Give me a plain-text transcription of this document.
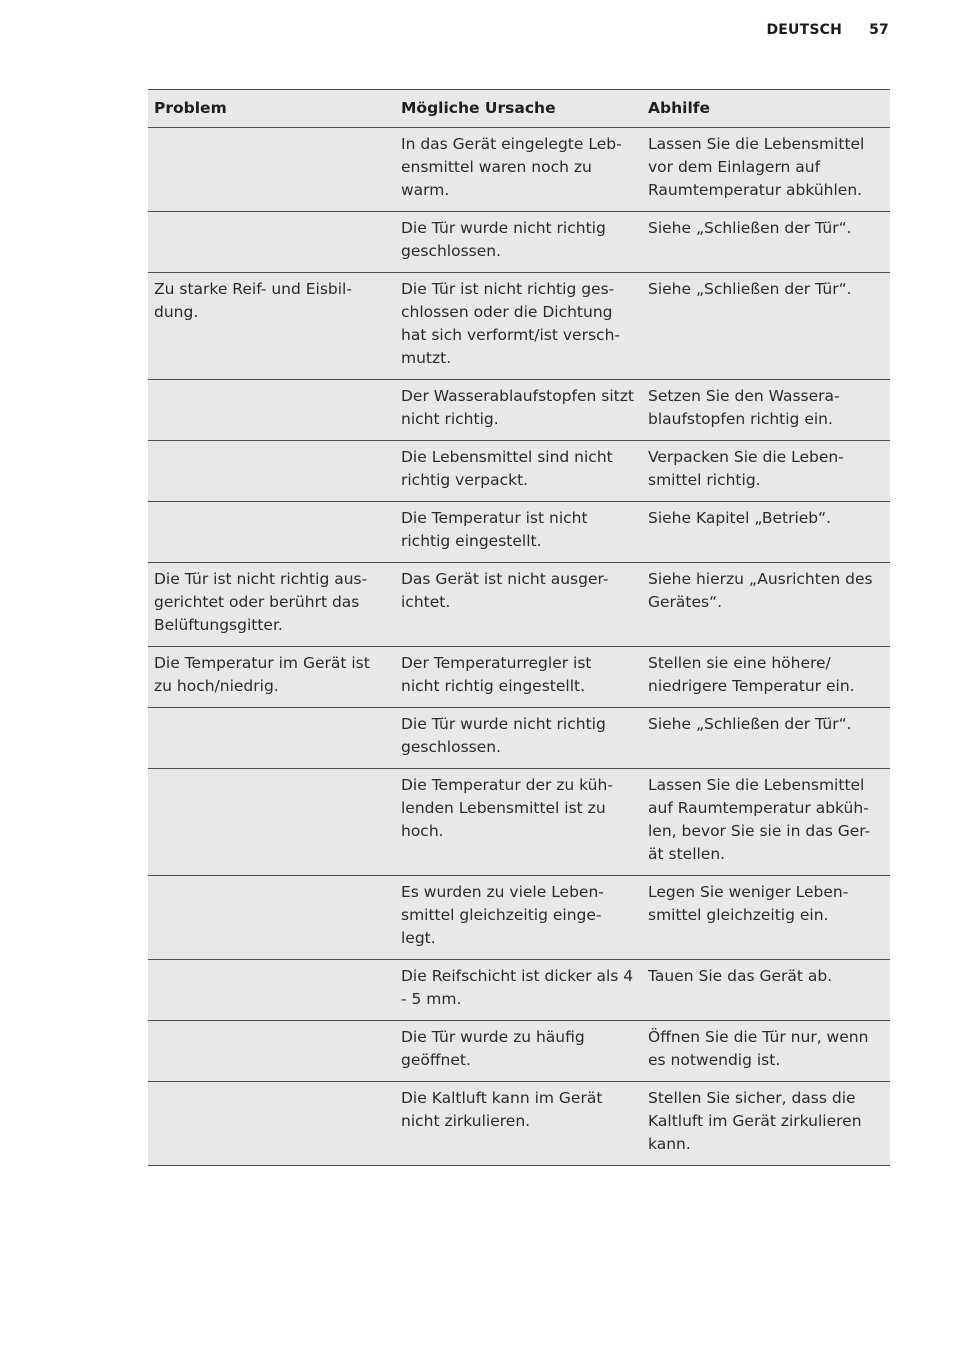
DEUTSCH 57
Problem	Mögliche Ursache	Abhilfe
	In das Gerät eingelegte Leb-ensmittel waren noch zu warm.	Lassen Sie die Lebensmittel vor dem Einlagern auf Raumtemperatur abkühlen.
	Die Tür wurde nicht richtig geschlossen.	Siehe „Schließen der Tür“.
Zu starke Reif- und Eisbil-dung.	Die Tür ist nicht richtig ges-chlossen oder die Dichtung hat sich verformt/ist versch-mutzt.	Siehe „Schließen der Tür“.
	Der Wasserablaufstopfen sitzt nicht richtig.	Setzen Sie den Wassera-blaufstopfen richtig ein.
	Die Lebensmittel sind nicht richtig verpackt.	Verpacken Sie die Leben-smittel richtig.
	Die Temperatur ist nicht richtig eingestellt.	Siehe Kapitel „Betrieb“.
Die Tür ist nicht richtig aus-gerichtet oder berührt das Belüftungsgitter.	Das Gerät ist nicht ausger-ichtet.	Siehe hierzu „Ausrichten des Gerätes“.
Die Temperatur im Gerät ist zu hoch/niedrig.	Der Temperaturregler ist nicht richtig eingestellt.	Stellen sie eine höhere/ niedrigere Temperatur ein.
	Die Tür wurde nicht richtig geschlossen.	Siehe „Schließen der Tür“.
	Die Temperatur der zu küh-lenden Lebensmittel ist zu hoch.	Lassen Sie die Lebensmittel auf Raumtemperatur abküh-len, bevor Sie sie in das Ger-ät stellen.
	Es wurden zu viele Leben-smittel gleichzeitig einge-legt.	Legen Sie weniger Leben-smittel gleichzeitig ein.
	Die Reifschicht ist dicker als 4 - 5 mm.	Tauen Sie das Gerät ab.
	Die Tür wurde zu häufig geöffnet.	Öffnen Sie die Tür nur, wenn es notwendig ist.
	Die Kaltluft kann im Gerät nicht zirkulieren.	Stellen Sie sicher, dass die Kaltluft im Gerät zirkulieren kann.
